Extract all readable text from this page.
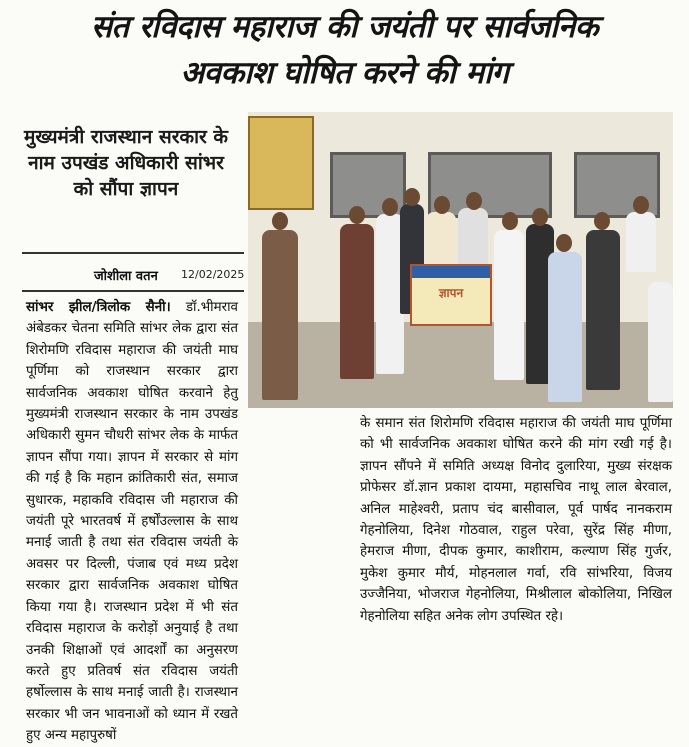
संत रविदास महाराज की जयंती पर सार्वजनिक
अवकाश घोषित करने की मांग
मुख्यमंत्री राजस्थान सरकार के नाम उपखंड अधिकारी सांभर को सौंपा ज्ञापन
जोशीला वतन 12/02/2025
ज्ञापन

सांभर झील/त्रिलोक सैनी। डॉ.भीमराव अंबेडकर चेतना समिति सांभर लेक द्वारा संत शिरोमणि रविदास महाराज की जयंती माघ पूर्णिमा को राजस्थान सरकार द्वारा सार्वजनिक अवकाश घोषित करवाने हेतु मुख्यमंत्री राजस्थान सरकार के नाम उपखंड अधिकारी सुमन चौधरी सांभर लेक के मार्फत ज्ञापन सौंपा गया। ज्ञापन में सरकार से मांग की गई है कि महान क्रांतिकारी संत, समाज सुधारक, महाकवि रविदास जी महाराज की जयंती पूरे भारतवर्ष में हर्षोंउल्लास के साथ मनाई जाती है तथा संत रविदास जयंती के अवसर पर दिल्ली, पंजाब एवं मध्य प्रदेश सरकार द्वारा सार्वजनिक अवकाश घोषित किया गया है। राजस्थान प्रदेश में भी संत रविदास महाराज के करोड़ों अनुयाई है तथा उनकी शिक्षाओं एवं आदर्शों का अनुसरण करते हुए प्रतिवर्ष संत रविदास जयंती हर्षोल्लास के साथ मनाई जाती है। राजस्थान सरकार भी जन भावनाओं को ध्यान में रखते हुए अन्य महापुरुषों

के समान संत शिरोमणि रविदास महाराज की जयंती माघ पूर्णिमा को भी सार्वजनिक अवकाश घोषित करने की मांग रखी गई है। ज्ञापन सौंपने में समिति अध्यक्ष विनोद दुलारिया, मुख्य संरक्षक प्रोफेसर डॉ.ज्ञान प्रकाश दायमा, महासचिव नाथू लाल बेरवाल, अनिल माहेश्वरी, प्रताप चंद बासीवाल, पूर्व पार्षद नानकराम गेहनोलिया, दिनेश गोठवाल, राहुल परेवा, सुरेंद्र सिंह मीणा, हेमराज मीणा, दीपक कुमार, काशीराम, कल्याण सिंह गुर्जर, मुकेश कुमार मौर्य, मोहनलाल गर्वा, रवि सांभरिया, विजय उज्जैनिया, भोजराज गेहनोलिया, मिश्रीलाल बोकोलिया, निखिल गेहनोलिया सहित अनेक लोग उपस्थित रहे।
